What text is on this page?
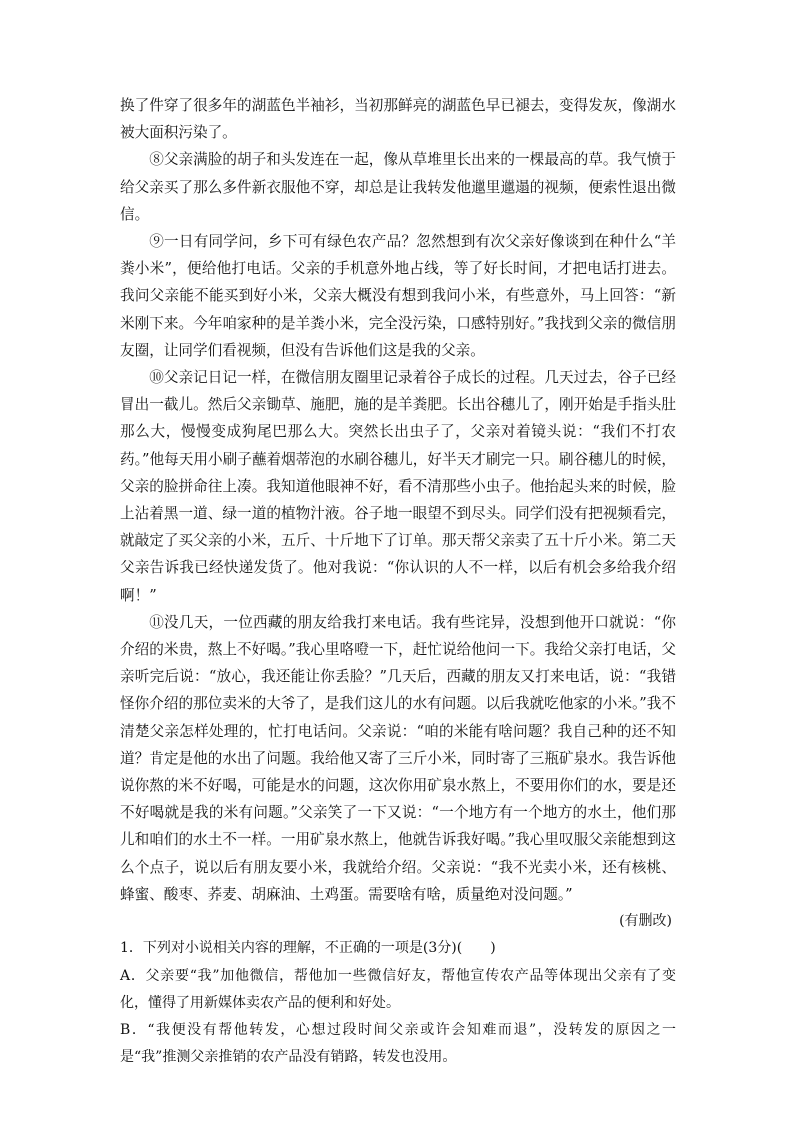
换了件穿了很多年的湖蓝色半袖衫，当初那鲜亮的湖蓝色早已褪去，变得发灰，像湖水被大面积污染了。

⑧父亲满脸的胡子和头发连在一起，像从草堆里长出来的一棵最高的草。我气愤于给父亲买了那么多件新衣服他不穿，却总是让我转发他邋里邋遢的视频，便索性退出微信。

⑨一日有同学问，乡下可有绿色农产品？忽然想到有次父亲好像谈到在种什么“羊粪小米”，便给他打电话。父亲的手机意外地占线，等了好长时间，才把电话打进去。我问父亲能不能买到好小米，父亲大概没有想到我问小米，有些意外，马上回答：“新米刚下来。今年咱家种的是羊粪小米，完全没污染，口感特别好。”我找到父亲的微信朋友圈，让同学们看视频，但没有告诉他们这是我的父亲。

⑩父亲记日记一样，在微信朋友圈里记录着谷子成长的过程。几天过去，谷子已经冒出一截儿。然后父亲锄草、施肥，施的是羊粪肥。长出谷穗儿了，刚开始是手指头肚那么大，慢慢变成狗尾巴那么大。突然长出虫子了，父亲对着镜头说：“我们不打农药。”他每天用小刷子蘸着烟蒂泡的水刷谷穗儿，好半天才刷完一只。刷谷穗儿的时候，父亲的脸拼命往上凑。我知道他眼神不好，看不清那些小虫子。他抬起头来的时候，脸上沾着黑一道、绿一道的植物汁液。谷子地一眼望不到尽头。同学们没有把视频看完，就敲定了买父亲的小米，五斤、十斤地下了订单。那天帮父亲卖了五十斤小米。第二天父亲告诉我已经快递发货了。他对我说：“你认识的人不一样，以后有机会多给我介绍啊！”

⑪没几天，一位西藏的朋友给我打来电话。我有些诧异，没想到他开口就说：“你介绍的米贵，熬上不好喝。”我心里咯噔一下，赶忙说给他问一下。我给父亲打电话，父亲听完后说：“放心，我还能让你丢脸？”几天后，西藏的朋友又打来电话，说：“我错怪你介绍的那位卖米的大爷了，是我们这儿的水有问题。以后我就吃他家的小米。”我不清楚父亲怎样处理的，忙打电话问。父亲说：“咱的米能有啥问题？我自己种的还不知道？肯定是他的水出了问题。我给他又寄了三斤小米，同时寄了三瓶矿泉水。我告诉他说你熬的米不好喝，可能是水的问题，这次你用矿泉水熬上，不要用你们的水，要是还不好喝就是我的米有问题。”父亲笑了一下又说：“一个地方有一个地方的水土，他们那儿和咱们的水土不一样。一用矿泉水熬上，他就告诉我好喝。”我心里叹服父亲能想到这么个点子，说以后有朋友要小米，我就给介绍。父亲说：“我不光卖小米，还有核桃、蜂蜜、酸枣、荞麦、胡麻油、土鸡蛋。需要啥有啥，质量绝对没问题。”

(有删改)

1．下列对小说相关内容的理解，不正确的一项是(3分)(　　)

A．父亲要“我”加他微信，帮他加一些微信好友，帮他宣传农产品等体现出父亲有了变化，懂得了用新媒体卖农产品的便利和好处。

B．“我便没有帮他转发，心想过段时间父亲或许会知难而退”，没转发的原因之一是“我”推测父亲推销的农产品没有销路，转发也没用。
